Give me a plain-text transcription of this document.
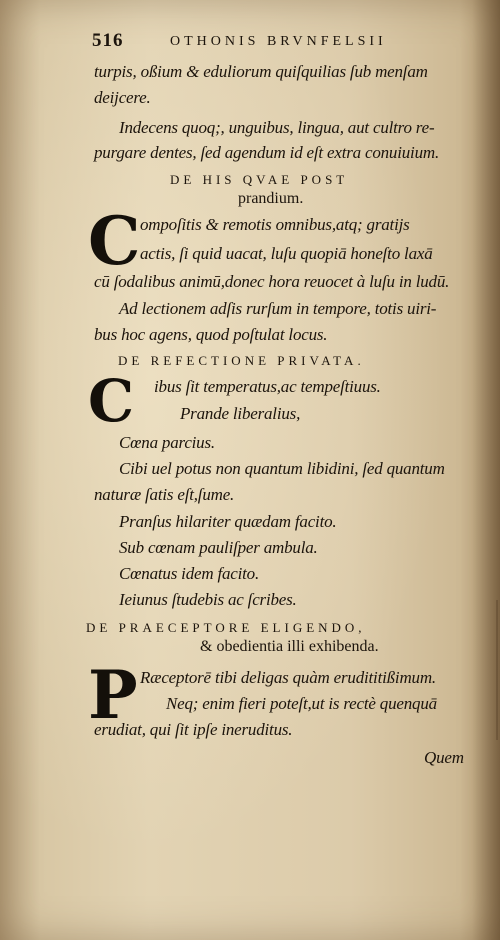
516	OTHONIS BRVNFELSII
turpis, oßium & eduliorum quiſquilias ſub menſam
deijcere.
Indecens quoq;, unguibus, lingua, aut cultro re-
purgare dentes, ſed agendum id eſt extra conuiuium.
DE HIS QVAE POST
prandium.
C ompoſitis & remotis omnibus,atq; gratijs
actis, ſi quid uacat, luſu quopiā honeſto laxā
cū ſodalibus animū,donec hora reuocet à luſu in ludū.
Ad lectionem adſis rurſum in tempore, totis uiri-
bus hoc agens, quod poſtulat locus.
DE REFECTIONE PRIVATA.
C ibus ſit temperatus,ac tempeſtiuus.
Prande liberalius,
Cœna parcius.
Cibi uel potus non quantum libidini, ſed quantum
naturæ ſatis eſt,ſume.
Pranſus hilariter quædam facito.
Sub cœnam pauliſper ambula.
Cœnatus idem facito.
Ieiunus ſtudebis ac ſcribes.
DE PRAECEPTORE ELIGENDO,
& obedientia illi exhibenda.
P Ræceptorē tibi deligas quàm erudititißimum.
Neq; enim fieri poteſt,ut is rectè quenquā
erudiat, qui ſit ipſe ineruditus.
Quem
